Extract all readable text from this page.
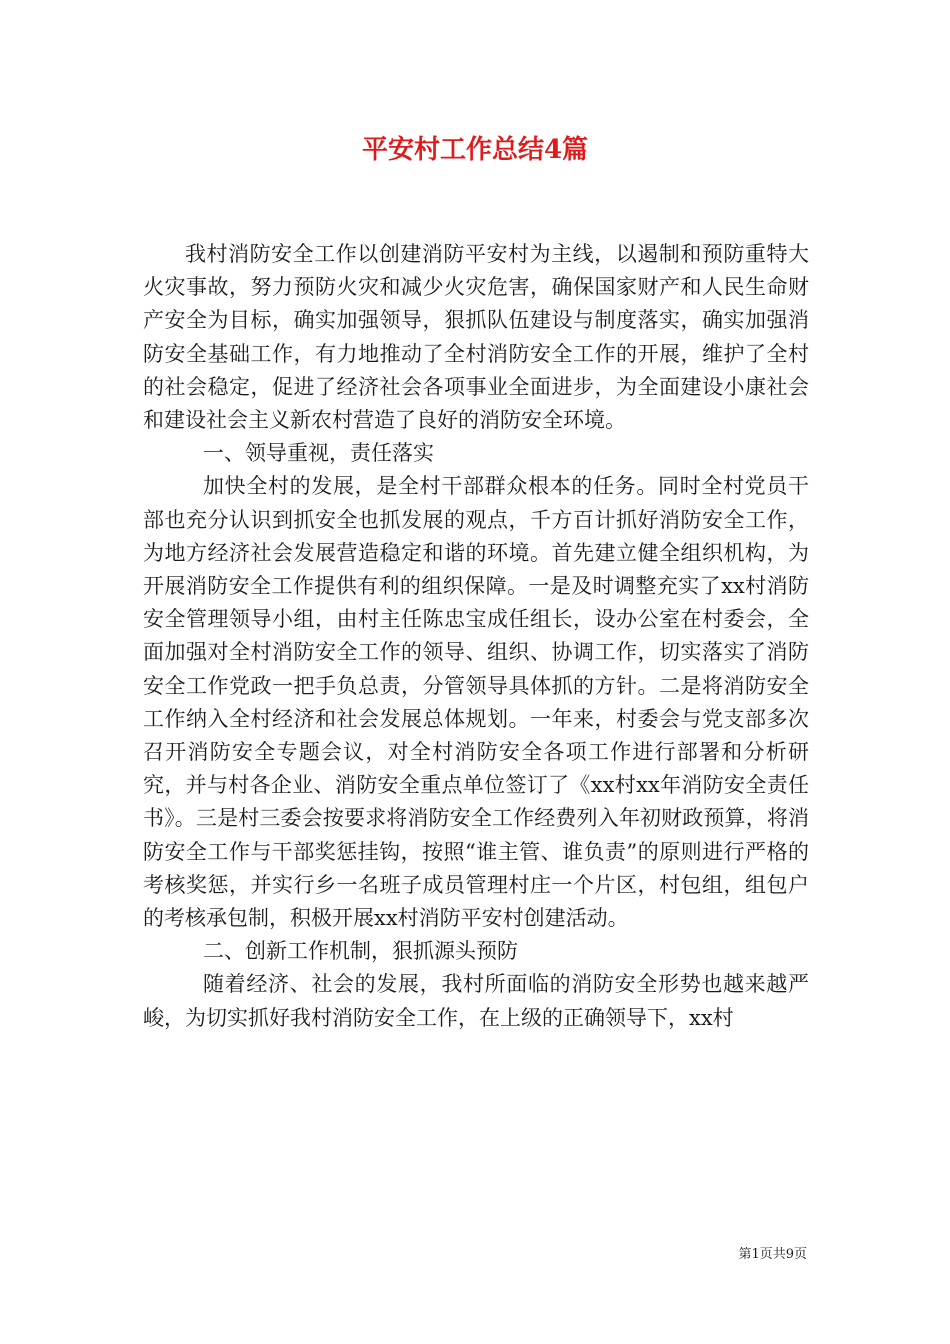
平安村工作总结4篇

我村消防安全工作以创建消防平安村为主线，以遏制和预防重特大火灾事故，努力预防火灾和减少火灾危害，确保国家财产和人民生命财产安全为目标，确实加强领导，狠抓队伍建设与制度落实，确实加强消防安全基础工作，有力地推动了全村消防安全工作的开展，维护了全村的社会稳定，促进了经济社会各项事业全面进步，为全面建设小康社会和建设社会主义新农村营造了良好的消防安全环境。

一、领导重视，责任落实

加快全村的发展，是全村干部群众根本的任务。同时全村党员干部也充分认识到抓安全也抓发展的观点，千方百计抓好消防安全工作，为地方经济社会发展营造稳定和谐的环境。首先建立健全组织机构，为开展消防安全工作提供有利的组织保障。一是及时调整充实了xx村消防安全管理领导小组，由村主任陈忠宝成任组长，设办公室在村委会，全面加强对全村消防安全工作的领导、组织、协调工作，切实落实了消防安全工作党政一把手负总责，分管领导具体抓的方针。二是将消防安全工作纳入全村经济和社会发展总体规划。一年来，村委会与党支部多次召开消防安全专题会议，对全村消防安全各项工作进行部署和分析研究，并与村各企业、消防安全重点单位签订了《xx村xx年消防安全责任书》。三是村三委会按要求将消防安全工作经费列入年初财政预算，将消防安全工作与干部奖惩挂钩，按照“谁主管、谁负责”的原则进行严格的考核奖惩，并实行乡一名班子成员管理村庄一个片区，村包组，组包户的考核承包制，积极开展xx村消防平安村创建活动。

二、创新工作机制，狠抓源头预防

随着经济、社会的发展，我村所面临的消防安全形势也越来越严峻，为切实抓好我村消防安全工作，在上级的正确领导下，xx村

第1页共9页
